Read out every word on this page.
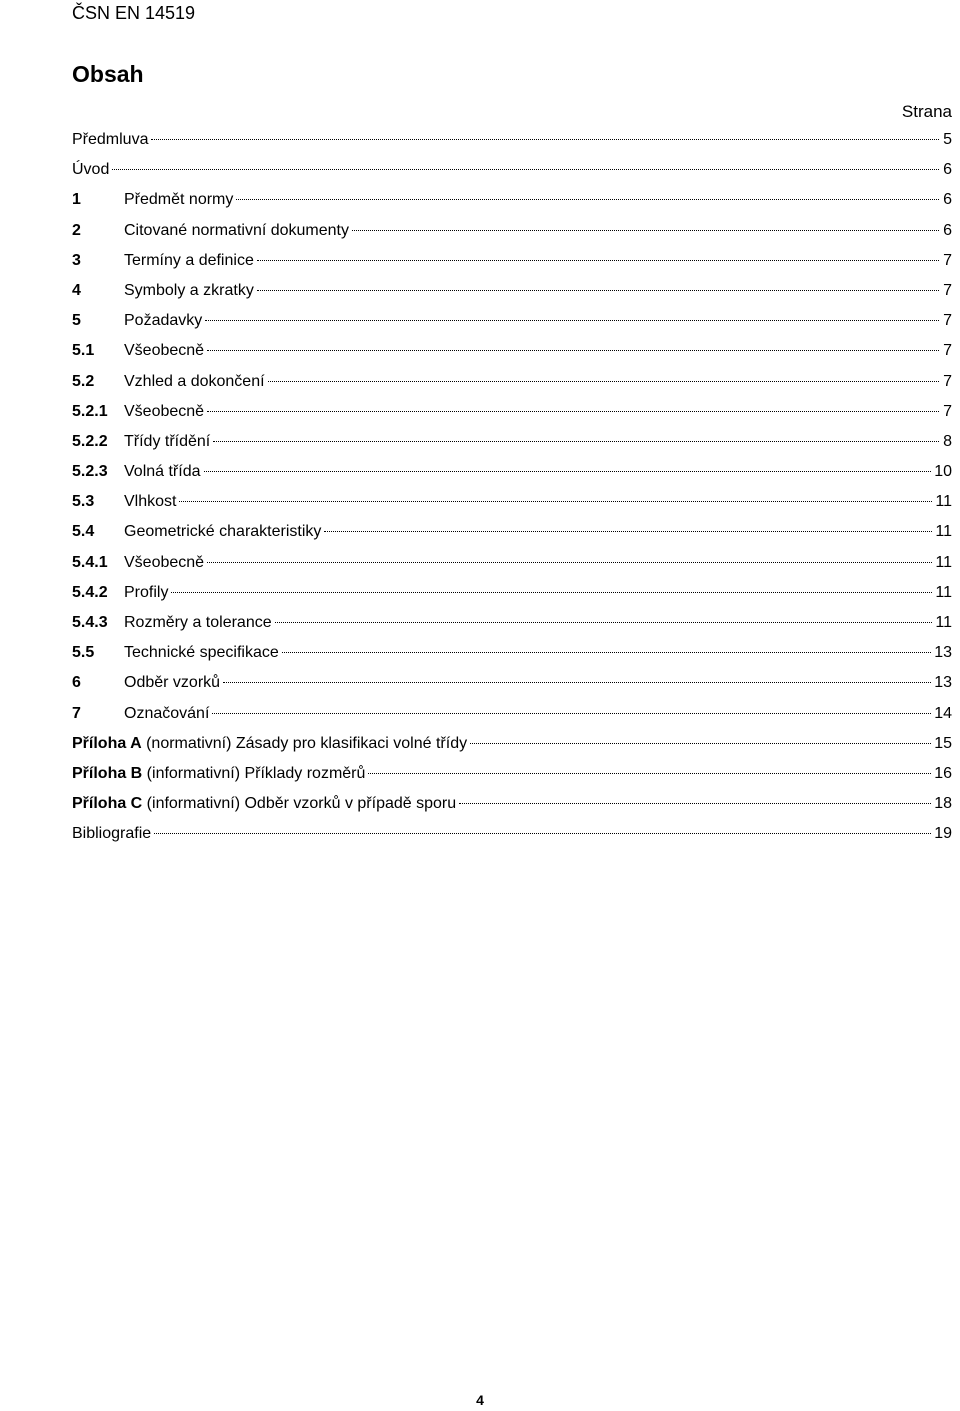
ČSN EN 14519
Obsah
Strana
Předmluva	5
Úvod	6
1	Předmět normy	6
2	Citované normativní dokumenty	6
3	Termíny a definice	7
4	Symboly a zkratky	7
5	Požadavky	7
5.1	Všeobecně	7
5.2	Vzhled a dokončení	7
5.2.1	Všeobecně	7
5.2.2	Třídy třídění	8
5.2.3	Volná třída	10
5.3	Vlhkost	11
5.4	Geometrické charakteristiky	11
5.4.1	Všeobecně	11
5.4.2	Profily	11
5.4.3	Rozměry a tolerance	11
5.5	Technické specifikace	13
6	Odběr vzorků	13
7	Označování	14
Příloha A (normativní) Zásady pro klasifikaci volné třídy	15
Příloha B (informativní) Příklady rozměrů	16
Příloha C (informativní) Odběr vzorků v případě sporu	18
Bibliografie	19
4
